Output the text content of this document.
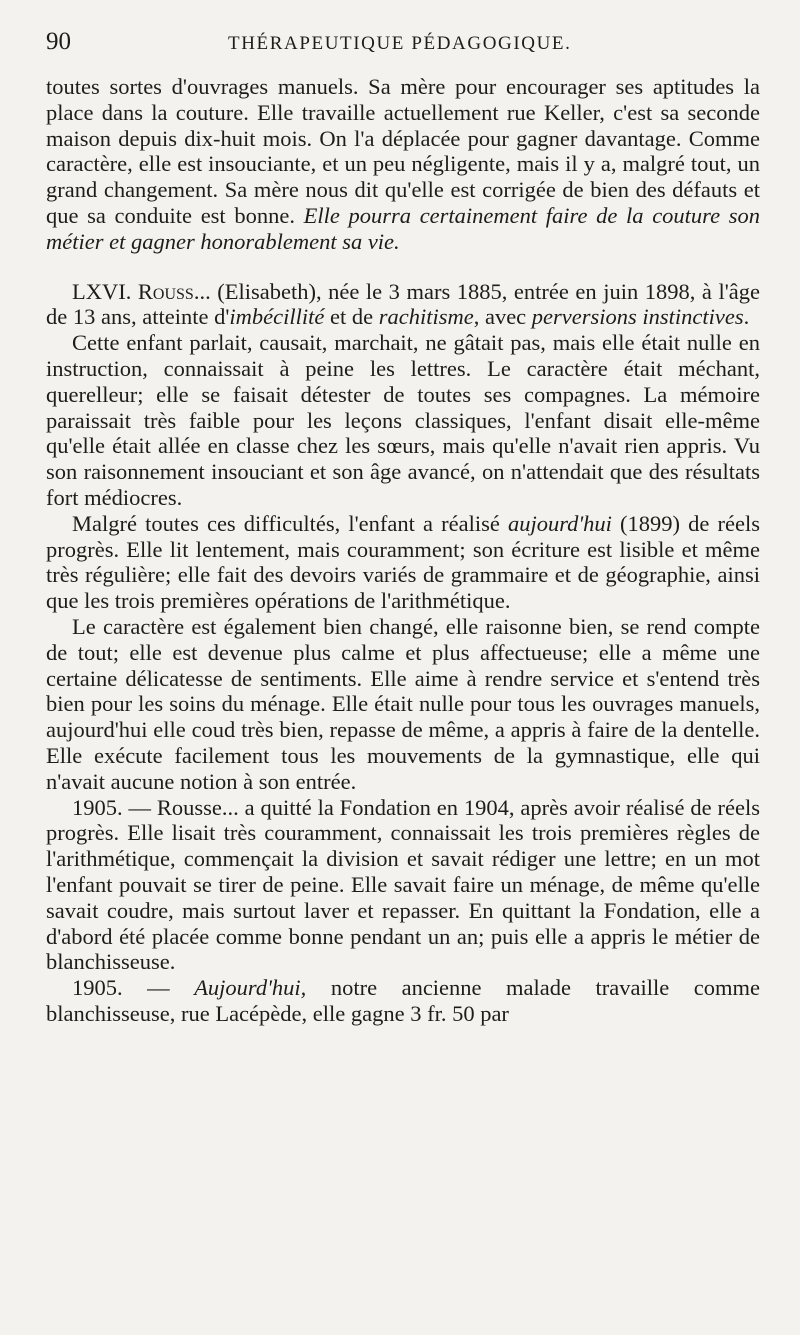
90	THÉRAPEUTIQUE PÉDAGOGIQUE.

toutes sortes d'ouvrages manuels. Sa mère pour encourager ses aptitudes la place dans la couture. Elle travaille actuellement rue Keller, c'est sa seconde maison depuis dix-huit mois. On l'a déplacée pour gagner davantage. Comme caractère, elle est insouciante, et un peu négligente, mais il y a, malgré tout, un grand changement. Sa mère nous dit qu'elle est corrigée de bien des défauts et que sa conduite est bonne. Elle pourra certainement faire de la couture son métier et gagner honorablement sa vie.

LXVI. Rouss... (Elisabeth), née le 3 mars 1885, entrée en juin 1898, à l'âge de 13 ans, atteinte d'imbécillité et de rachitisme, avec perversions instinctives.

Cette enfant parlait, causait, marchait, ne gâtait pas, mais elle était nulle en instruction, connaissait à peine les lettres. Le caractère était méchant, querelleur; elle se faisait détester de toutes ses compagnes. La mémoire paraissait très faible pour les leçons classiques, l'enfant disait elle-même qu'elle était allée en classe chez les sœurs, mais qu'elle n'avait rien appris. Vu son raisonnement insouciant et son âge avancé, on n'attendait que des résultats fort médiocres.

Malgré toutes ces difficultés, l'enfant a réalisé aujourd'hui (1899) de réels progrès. Elle lit lentement, mais couramment; son écriture est lisible et même très régulière; elle fait des devoirs variés de grammaire et de géographie, ainsi que les trois premières opérations de l'arithmétique.

Le caractère est également bien changé, elle raisonne bien, se rend compte de tout; elle est devenue plus calme et plus affectueuse; elle a même une certaine délicatesse de sentiments. Elle aime à rendre service et s'entend très bien pour les soins du ménage. Elle était nulle pour tous les ouvrages manuels, aujourd'hui elle coud très bien, repasse de même, a appris à faire de la dentelle. Elle exécute facilement tous les mouvements de la gymnastique, elle qui n'avait aucune notion à son entrée.

1905. — Rousse... a quitté la Fondation en 1904, après avoir réalisé de réels progrès. Elle lisait très couramment, connaissait les trois premières règles de l'arithmétique, commençait la division et savait rédiger une lettre; en un mot l'enfant pouvait se tirer de peine. Elle savait faire un ménage, de même qu'elle savait coudre, mais surtout laver et repasser. En quittant la Fondation, elle a d'abord été placée comme bonne pendant un an; puis elle a appris le métier de blanchisseuse.

1905. — Aujourd'hui, notre ancienne malade travaille comme blanchisseuse, rue Lacépède, elle gagne 3 fr. 50 par
